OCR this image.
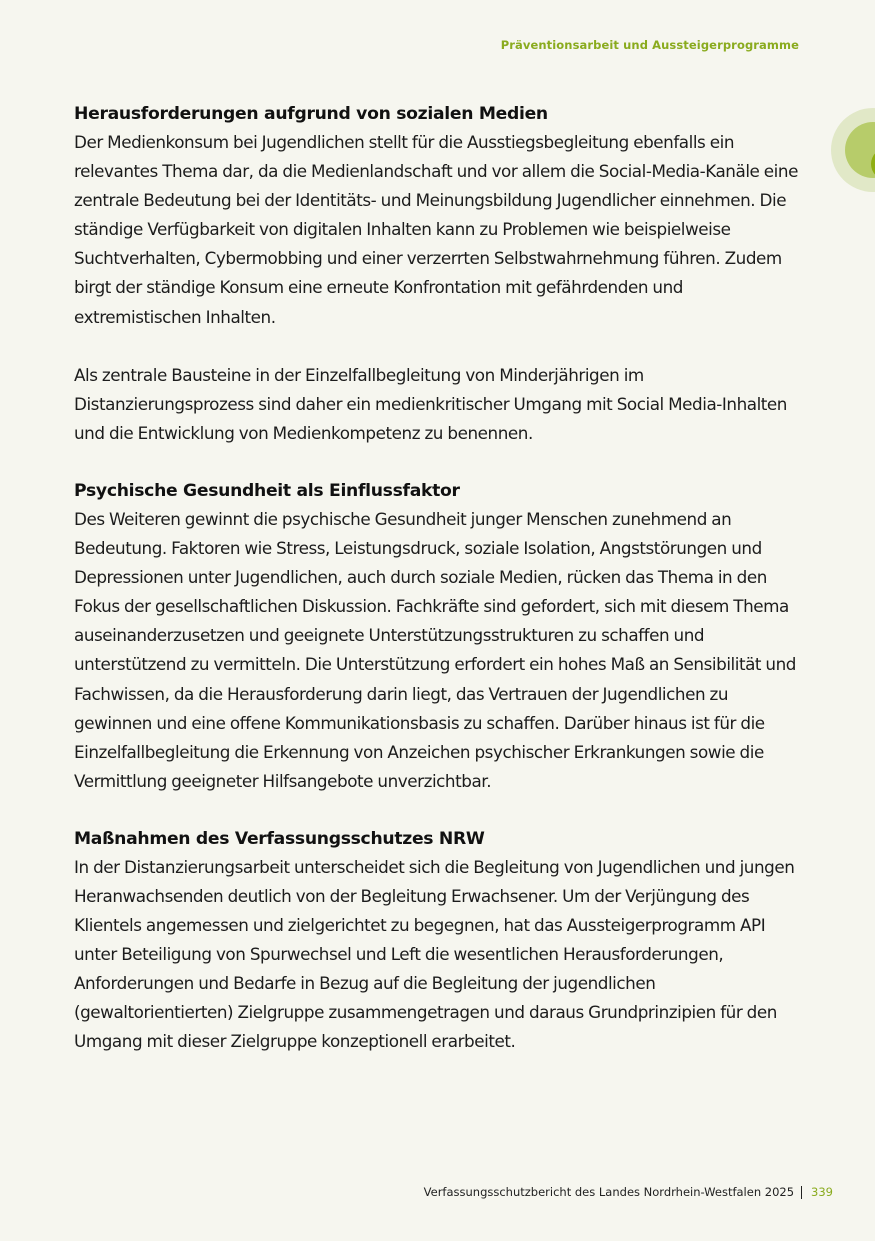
Präventionsarbeit und Aussteigerprogramme
Herausforderungen aufgrund von sozialen Medien

Der Medienkonsum bei Jugendlichen stellt für die Ausstiegsbegleitung ebenfalls ein relevantes Thema dar, da die Medienlandschaft und vor allem die Social-Media-Kanäle eine zentrale Bedeutung bei der Identitäts- und Meinungsbildung Jugendlicher einnehmen. Die ständige Verfügbarkeit von digitalen Inhalten kann zu Problemen wie beispielweise Suchtverhalten, Cybermobbing und einer verzerrten Selbstwahrnehmung führen. Zudem birgt der ständige Konsum eine erneute Konfrontation mit gefährdenden und extremistischen Inhalten.

Als zentrale Bausteine in der Einzelfallbegleitung von Minderjährigen im Distanzierungsprozess sind daher ein medienkritischer Umgang mit Social Media-Inhalten und die Entwicklung von Medienkompetenz zu benennen.

Psychische Gesundheit als Einflussfaktor

Des Weiteren gewinnt die psychische Gesundheit junger Menschen zunehmend an Bedeutung. Faktoren wie Stress, Leistungsdruck, soziale Isolation, Angststörungen und Depressionen unter Jugendlichen, auch durch soziale Medien, rücken das Thema in den Fokus der gesellschaftlichen Diskussion. Fachkräfte sind gefordert, sich mit diesem Thema auseinanderzusetzen und geeignete Unterstützungsstrukturen zu schaffen und unterstützend zu vermitteln. Die Unterstützung erfordert ein hohes Maß an Sensibilität und Fachwissen, da die Herausforderung darin liegt, das Vertrauen der Jugendlichen zu gewinnen und eine offene Kommunikationsbasis zu schaffen. Darüber hinaus ist für die Einzelfallbegleitung die Erkennung von Anzeichen psychischer Erkrankungen sowie die Vermittlung geeigneter Hilfsangebote unverzichtbar.

Maßnahmen des Verfassungsschutzes NRW

In der Distanzierungsarbeit unterscheidet sich die Begleitung von Jugendlichen und jungen Heranwachsenden deutlich von der Begleitung Erwachsener. Um der Verjüngung des Klientels angemessen und zielgerichtet zu begegnen, hat das Aussteigerprogramm API unter Beteiligung von Spurwechsel und Left die wesentlichen Herausforderungen, Anforderungen und Bedarfe in Bezug auf die Begleitung der jugendlichen (gewaltorientierten) Zielgruppe zusammengetragen und daraus Grundprinzipien für den Umgang mit dieser Zielgruppe konzeptionell erarbeitet.

Verfassungsschutzbericht des Landes Nordrhein-Westfalen 2025 339
